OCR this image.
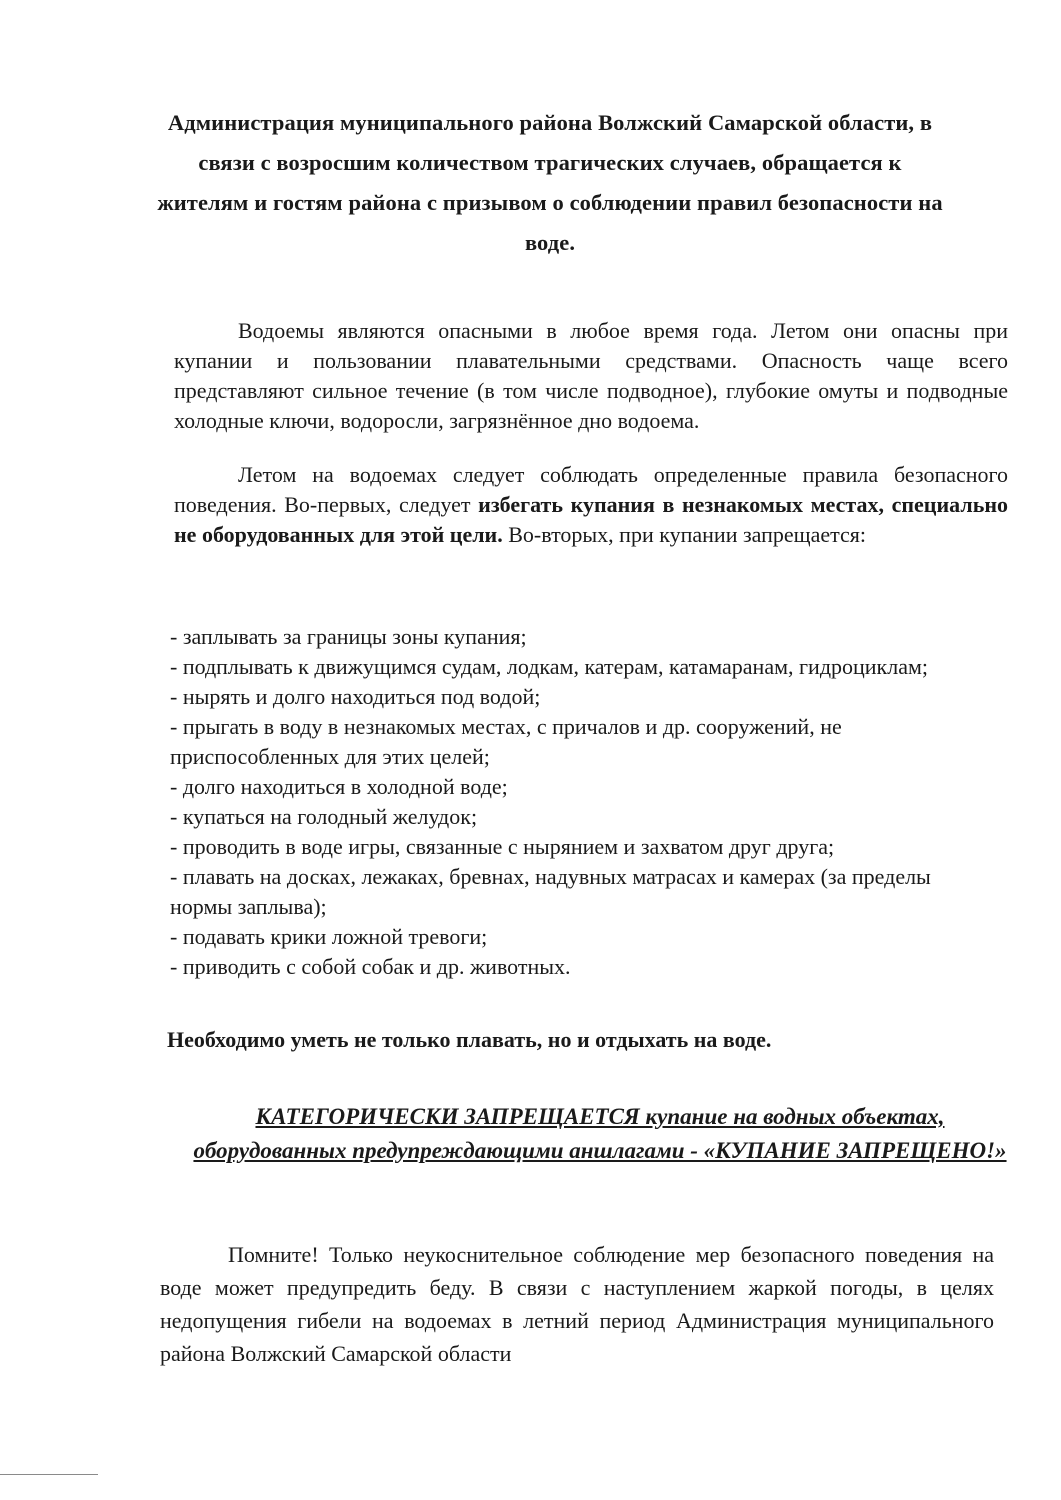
Администрация муниципального района Волжский Самарской области, в связи с возросшим количеством трагических случаев, обращается к жителям и гостям района с призывом о соблюдении правил безопасности на воде.
Водоемы являются опасными в любое время года. Летом они опасны при купании и пользовании плавательными средствами. Опасность чаще всего представляют сильное течение (в том числе подводное), глубокие омуты и подводные холодные ключи, водоросли, загрязнённое дно водоема.
Летом на водоемах следует соблюдать определенные правила безопасного поведения. Во-первых, следует избегать купания в незнакомых местах, специально не оборудованных для этой цели. Во-вторых, при купании запрещается:
- заплывать за границы зоны купания;
- подплывать к движущимся судам, лодкам, катерам, катамаранам, гидроциклам;
- нырять и долго находиться под водой;
- прыгать в воду в незнакомых местах, с причалов и др. сооружений, не приспособленных для этих целей;
- долго находиться в холодной воде;
- купаться на голодный желудок;
- проводить в воде игры, связанные с нырянием и захватом друг друга;
- плавать на досках, лежаках, бревнах, надувных матрасах и камерах (за пределы нормы заплыва);
- подавать крики ложной тревоги;
- приводить с собой собак и др. животных.
Необходимо уметь не только плавать, но и отдыхать на воде.
КАТЕГОРИЧЕСКИ ЗАПРЕЩАЕТСЯ купание на водных объектах, оборудованных предупреждающими аншлагами - «КУПАНИЕ ЗАПРЕЩЕНО!»
Помните! Только неукоснительное соблюдение мер безопасного поведения на воде может предупредить беду. В связи с наступлением жаркой погоды, в целях недопущения гибели на водоемах в летний период Администрация муниципального района Волжский Самарской области
